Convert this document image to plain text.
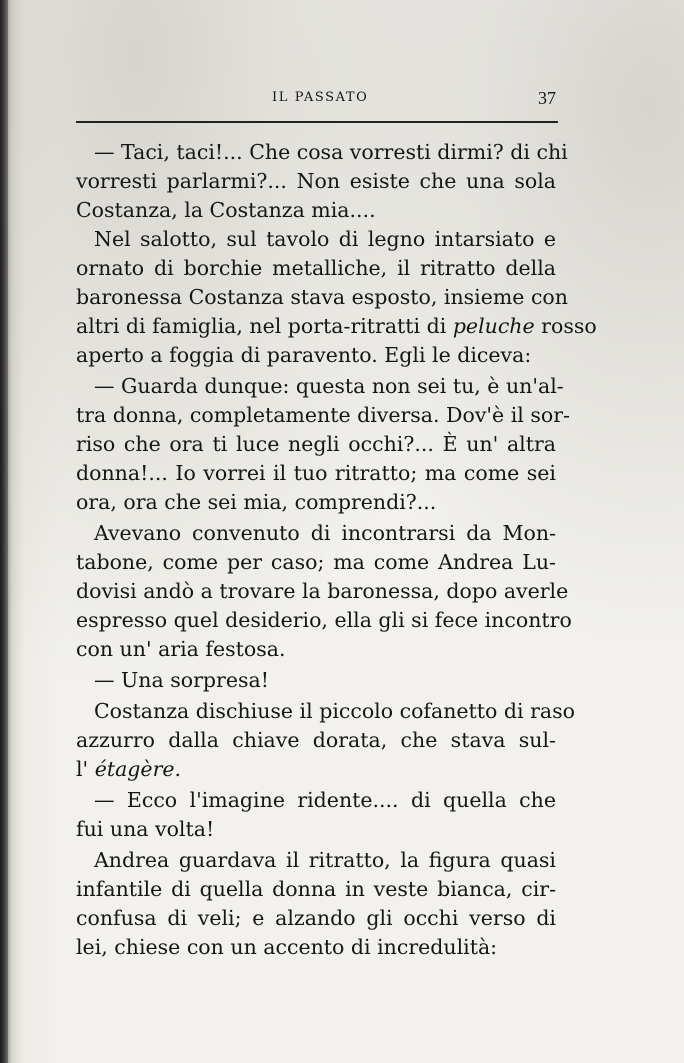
IL PASSATO	37
— Taci, taci!... Che cosa vorresti dirmi? di chi
vorresti parlarmi?... Non esiste che una sola
Costanza, la Costanza mia....
Nel salotto, sul tavolo di legno intarsiato e
ornato di borchie metalliche, il ritratto della
baronessa Costanza stava esposto, insieme con
altri di famiglia, nel porta-ritratti di peluche rosso
aperto a foggia di paravento. Egli le diceva:
— Guarda dunque: questa non sei tu, è un'al-
tra donna, completamente diversa. Dov'è il sor-
riso che ora ti luce negli occhi?... È un' altra
donna!... Io vorrei il tuo ritratto; ma come sei
ora, ora che sei mia, comprendi?...
Avevano convenuto di incontrarsi da Mon-
tabone, come per caso; ma come Andrea Lu-
dovisi andò a trovare la baronessa, dopo averle
espresso quel desiderio, ella gli si fece incontro
con un' aria festosa.
— Una sorpresa!
Costanza dischiuse il piccolo cofanetto di raso
azzurro dalla chiave dorata, che stava sul-
l' étagère.
— Ecco l'imagine ridente.... di quella che
fui una volta!
Andrea guardava il ritratto, la figura quasi
infantile di quella donna in veste bianca, cir-
confusa di veli; e alzando gli occhi verso di
lei, chiese con un accento di incredulità:
